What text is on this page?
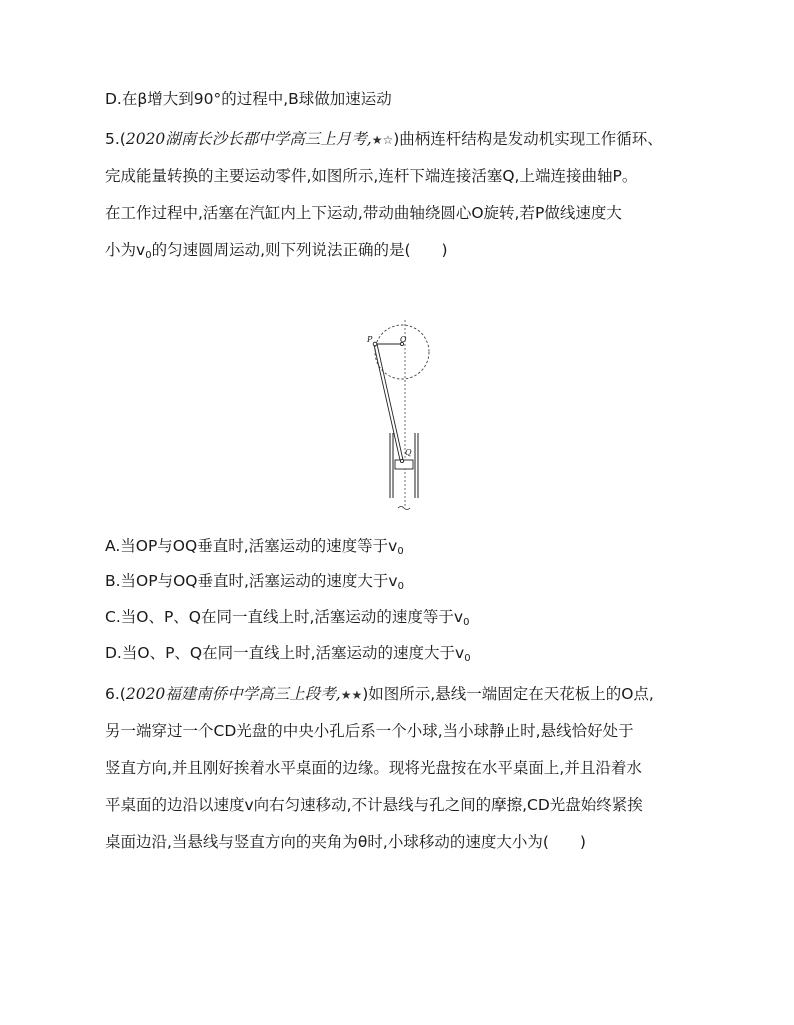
D.在β增大到90°的过程中,B球做加速运动
5.(2020湖南长沙长郡中学高三上月考,★☆)曲柄连杆结构是发动机实现工作循环、
完成能量转换的主要运动零件,如图所示,连杆下端连接活塞Q,上端连接曲轴P。
在工作过程中,活塞在汽缸内上下运动,带动曲轴绕圆心O旋转,若P做线速度大
小为$v_0$的匀速圆周运动,则下列说法正确的是(　　)
P	O
Q
A.当OP与OQ垂直时,活塞运动的速度等于$v_0$
B.当OP与OQ垂直时,活塞运动的速度大于$v_0$
C.当O、P、Q在同一直线上时,活塞运动的速度等于$v_0$
D.当O、P、Q在同一直线上时,活塞运动的速度大于$v_0$
6.(2020福建南侨中学高三上段考,★★)如图所示,悬线一端固定在天花板上的O点,
另一端穿过一个CD光盘的中央小孔后系一个小球,当小球静止时,悬线恰好处于
竖直方向,并且刚好挨着水平桌面的边缘。现将光盘按在水平桌面上,并且沿着水
平桌面的边沿以速度v向右匀速移动,不计悬线与孔之间的摩擦,CD光盘始终紧挨
桌面边沿,当悬线与竖直方向的夹角为θ时,小球移动的速度大小为(　　)
